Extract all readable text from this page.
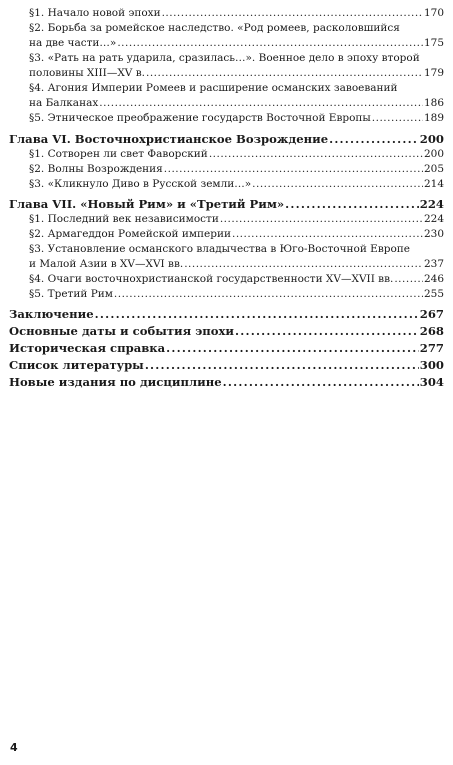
§1. Начало новой эпохи .....	170
§2. Борьба за ромейское наследство. «Род ромеев, расколовшийся
на две части…» .....	175
§3. «Рать на рать ударила, сразилась…». Военное дело в эпоху второй
половины XIII—XV в. .....	179
§4. Агония Империи Ромеев и расширение османских завоеваний
на Балканах .....	186
§5. Этническое преображение государств Восточной Европы .....	189
Глава VI. Восточнохристианское Возрождение .....	200
§1. Сотворен ли свет Фаворский .....	200
§2. Волны Возрождения .....	205
§3. «Кликнуло Диво в Русской земли…» .....	214
Глава VII. «Новый Рим» и «Третий Рим» .....	224
§1. Последний век независимости .....	224
§2. Армагеддон Ромейской империи .....	230
§3. Установление османского владычества в Юго-Восточной Европе
и Малой Азии в XV—XVI вв. .....	237
§4. Очаги восточнохристианской государственности XV—XVII вв. .....	246
§5. Третий Рим .....	255
Заключение .....	267
Основные даты и события эпохи .....	268
Историческая справка .....	277
Список литературы .....	300
Новые издания по дисциплине .....	304
4
